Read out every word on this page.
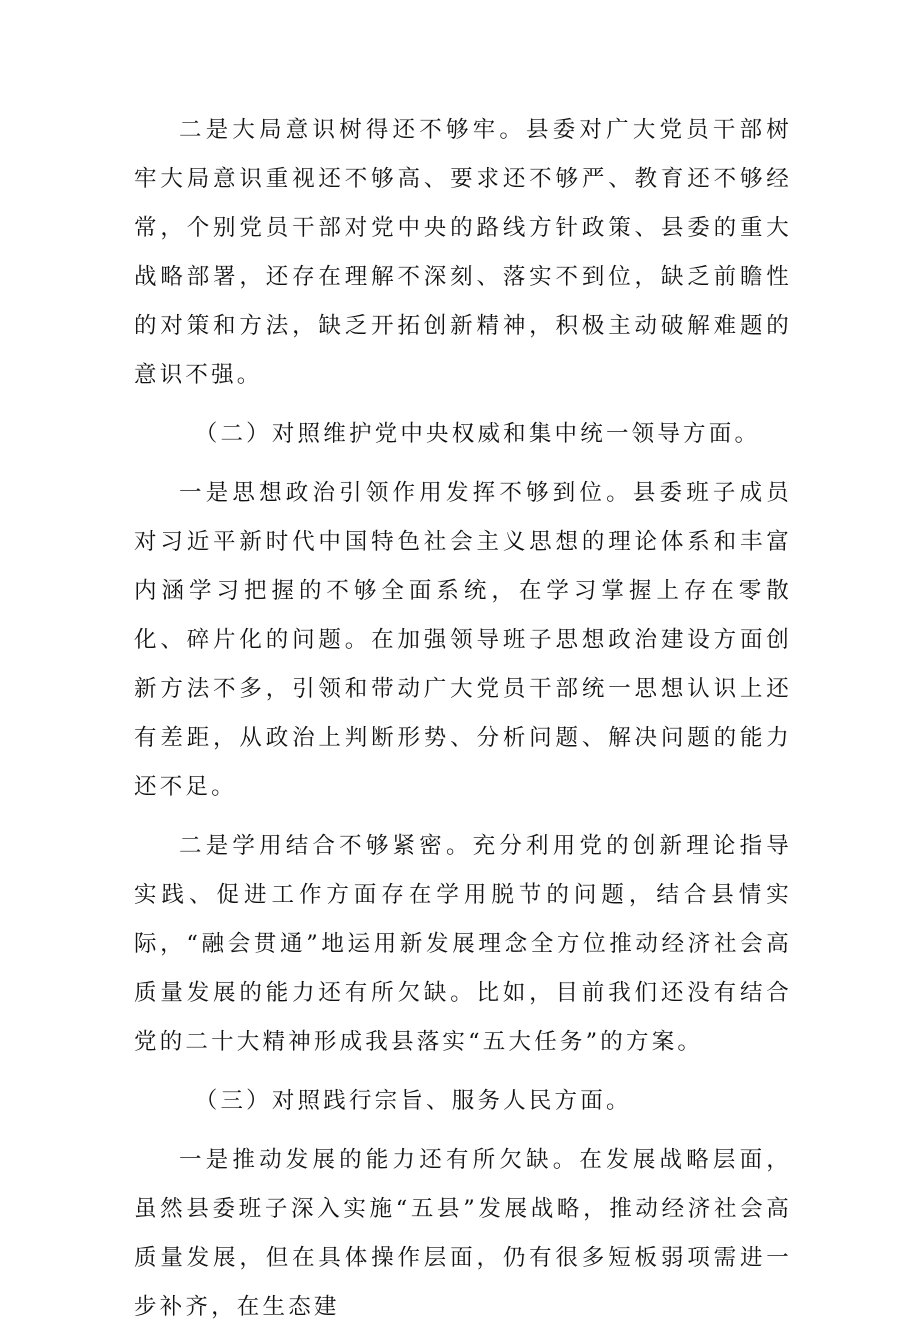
二是大局意识树得还不够牢。县委对广大党员干部树牢大局意识重视还不够高、要求还不够严、教育还不够经常，个别党员干部对党中央的路线方针政策、县委的重大战略部署，还存在理解不深刻、落实不到位，缺乏前瞻性的对策和方法，缺乏开拓创新精神，积极主动破解难题的意识不强。

（二）对照维护党中央权威和集中统一领导方面。

一是思想政治引领作用发挥不够到位。县委班子成员对习近平新时代中国特色社会主义思想的理论体系和丰富内涵学习把握的不够全面系统，在学习掌握上存在零散化、碎片化的问题。在加强领导班子思想政治建设方面创新方法不多，引领和带动广大党员干部统一思想认识上还有差距，从政治上判断形势、分析问题、解决问题的能力还不足。

二是学用结合不够紧密。充分利用党的创新理论指导实践、促进工作方面存在学用脱节的问题，结合县情实际，“融会贯通”地运用新发展理念全方位推动经济社会高质量发展的能力还有所欠缺。比如，目前我们还没有结合党的二十大精神形成我县落实“五大任务”的方案。

（三）对照践行宗旨、服务人民方面。

一是推动发展的能力还有所欠缺。在发展战略层面，虽然县委班子深入实施“五县”发展战略，推动经济社会高质量发展，但在具体操作层面，仍有很多短板弱项需进一步补齐，在生态建
